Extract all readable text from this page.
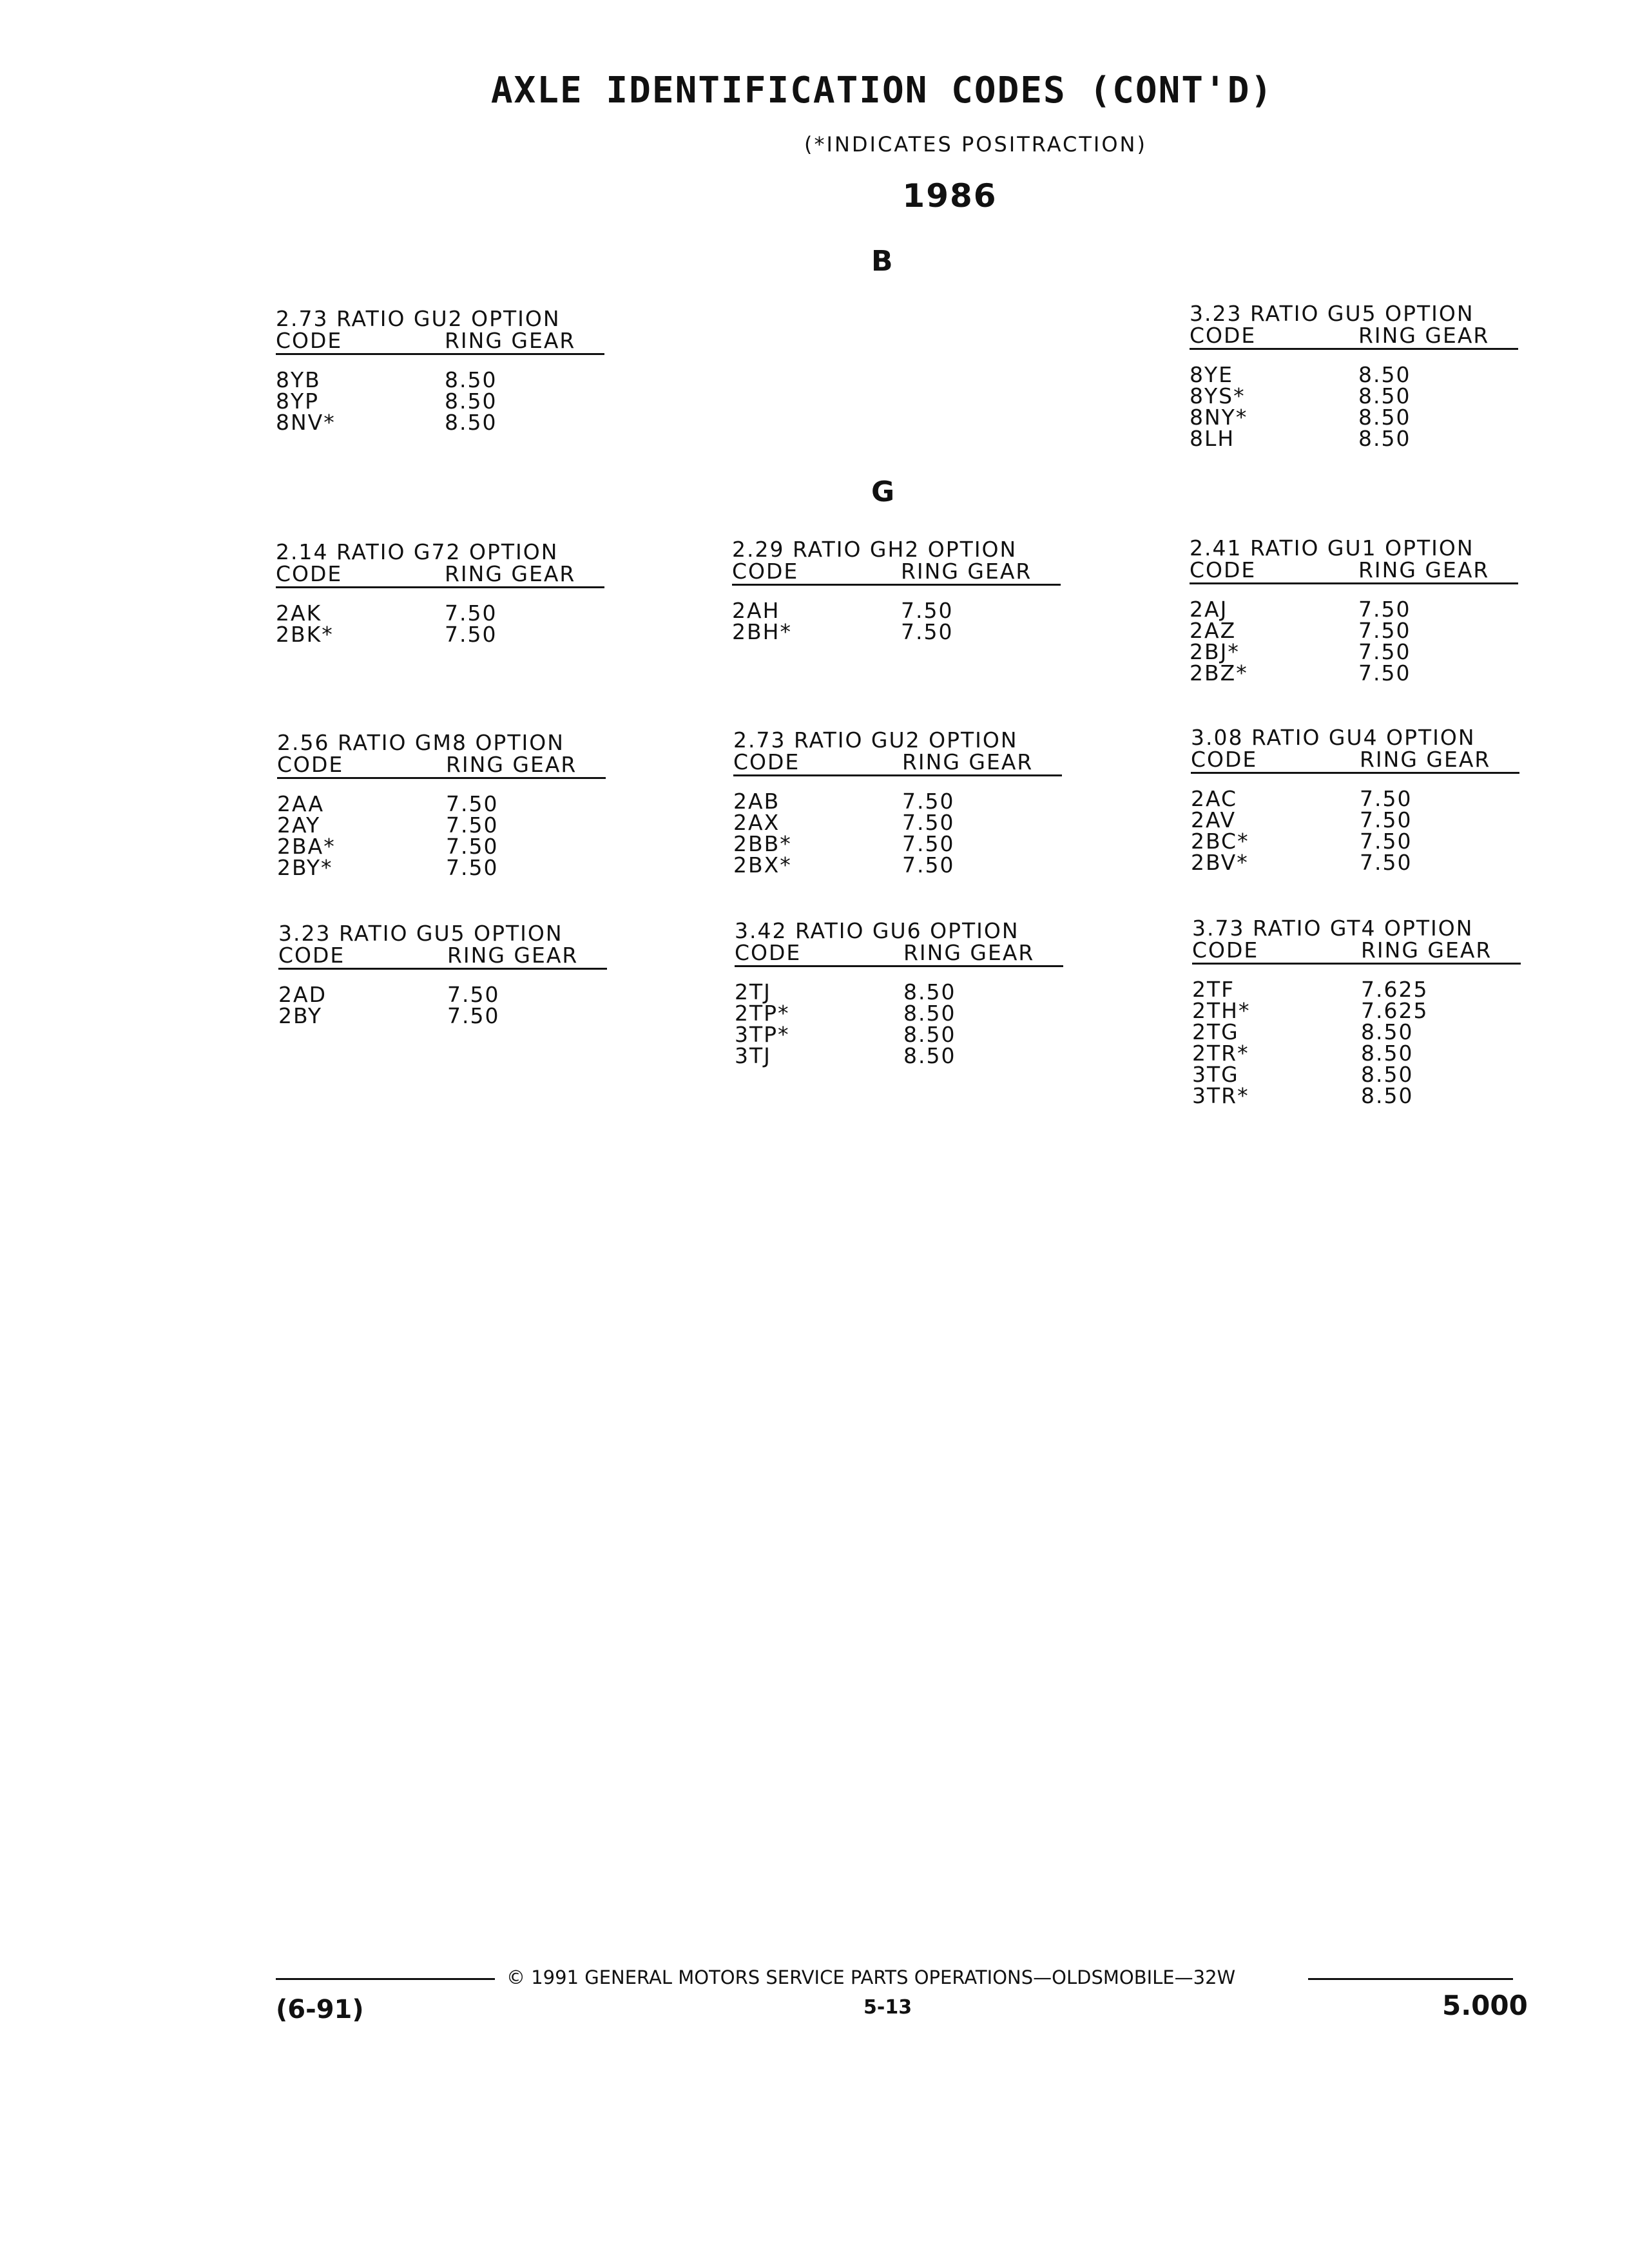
AXLE IDENTIFICATION CODES (CONT'D)
(*INDICATES POSITRACTION)
1986
B
G
2.73 RATIO GU2 OPTION
CODE	RING GEAR
8YB	8.50
8YP	8.50
8NV*	8.50
3.23 RATIO GU5 OPTION
CODE	RING GEAR
8YE	8.50
8YS*	8.50
8NY*	8.50
8LH	8.50
2.14 RATIO G72 OPTION
CODE	RING GEAR
2AK	7.50
2BK*	7.50
2.29 RATIO GH2 OPTION
CODE	RING GEAR
2AH	7.50
2BH*	7.50
2.41 RATIO GU1 OPTION
CODE	RING GEAR
2AJ	7.50
2AZ	7.50
2BJ*	7.50
2BZ*	7.50
2.56 RATIO GM8 OPTION
CODE	RING GEAR
2AA	7.50
2AY	7.50
2BA*	7.50
2BY*	7.50
2.73 RATIO GU2 OPTION
CODE	RING GEAR
2AB	7.50
2AX	7.50
2BB*	7.50
2BX*	7.50
3.08 RATIO GU4 OPTION
CODE	RING GEAR
2AC	7.50
2AV	7.50
2BC*	7.50
2BV*	7.50
3.23 RATIO GU5 OPTION
CODE	RING GEAR
2AD	7.50
2BY	7.50
3.42 RATIO GU6 OPTION
CODE	RING GEAR
2TJ	8.50
2TP*	8.50
3TP*	8.50
3TJ	8.50
3.73 RATIO GT4 OPTION
CODE	RING GEAR
2TF	7.625
2TH*	7.625
2TG	8.50
2TR*	8.50
3TG	8.50
3TR*	8.50
© 1991 GENERAL MOTORS SERVICE PARTS OPERATIONS—OLDSMOBILE—32W
(6-91)	5-13	5.000
